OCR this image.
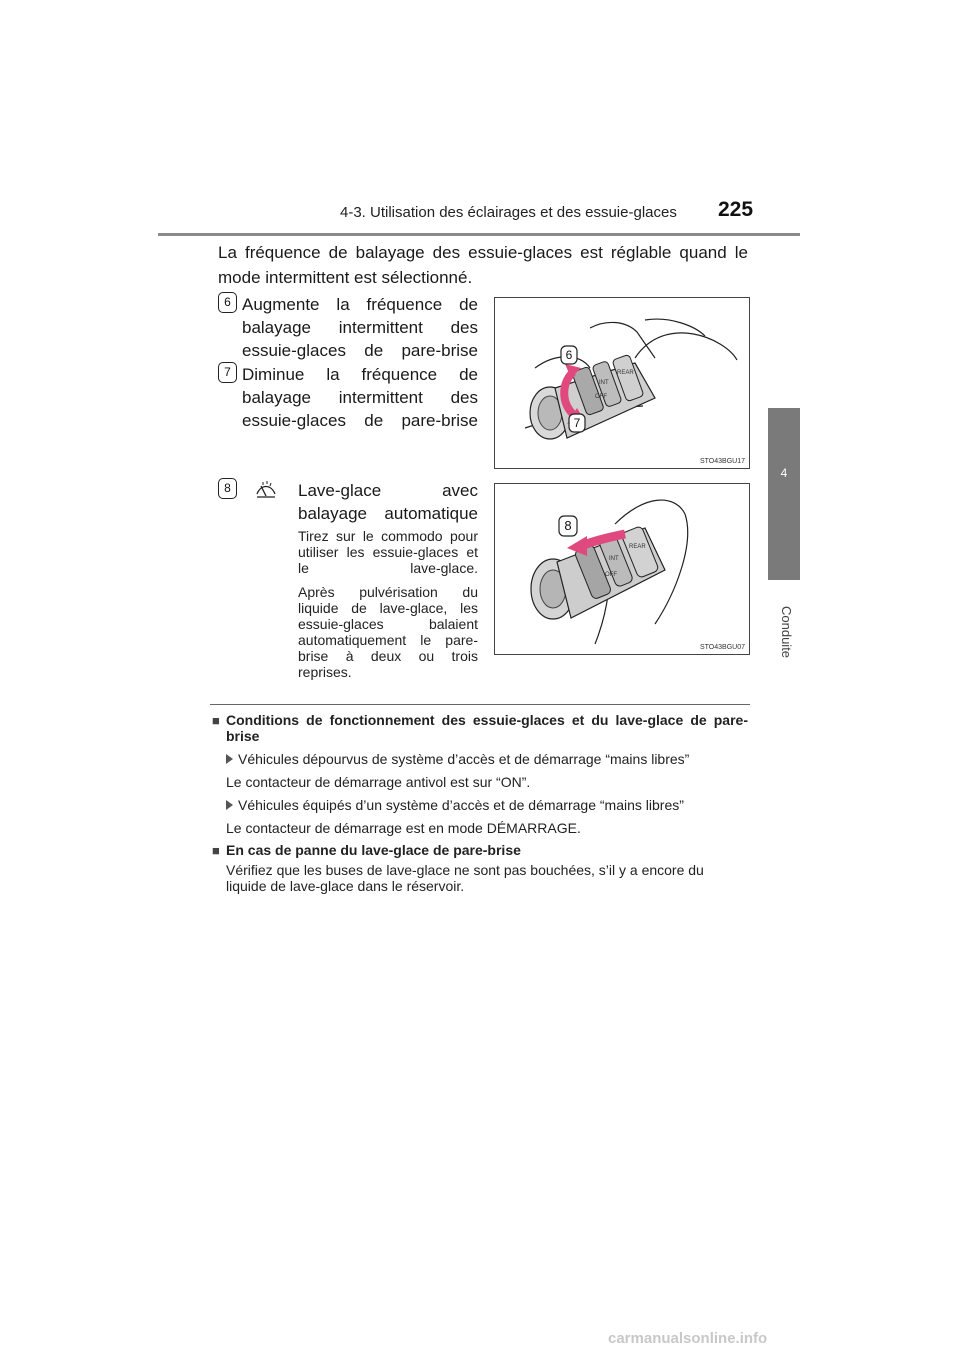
4-3. Utilisation des éclairages et des essuie-glaces 225
4
Conduite
La fréquence de balayage des essuie-glaces est réglable quand le mode intermittent est sélectionné.
6 Augmente la fréquence de balayage intermittent des essuie-glaces de pare-brise
7 Diminue la fréquence de balayage intermittent des essuie-glaces de pare-brise
INT
OFF
REAR
6
7
STO43BGU17
8	Lave-glace avec balayage automatique
Tirez sur le commodo pour utiliser les essuie-glaces et le lave-glace.
Après pulvérisation du liquide de lave-glace, les essuie-glaces balaient automatiquement le pare-brise à deux ou trois reprises.
INT
OFF
REAR
8
STO43BGU07
■ Conditions de fonctionnement des essuie-glaces et du lave-glace de pare-brise
Véhicules dépourvus de système d’accès et de démarrage “mains libres”
Le contacteur de démarrage antivol est sur “ON”.
Véhicules équipés d’un système d’accès et de démarrage “mains libres”
Le contacteur de démarrage est en mode DÉMARRAGE.
■ En cas de panne du lave-glace de pare-brise
Vérifiez que les buses de lave-glace ne sont pas bouchées, s’il y a encore du liquide de lave-glace dans le réservoir.
carmanualsonline.info
